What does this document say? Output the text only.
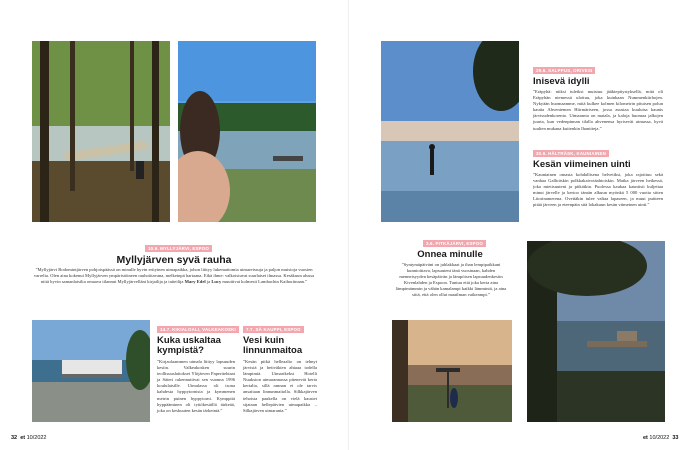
10.6. MYLLYJÄRVI, ESPOO
Myllyjärven syvä rauha
”Myllyjärvi Bodomintjärven pohjoispäässä on minulle hyvin erityinen uimapaikka, johon liittyy lukemattomia uimareissuja ja paljon muistoja vuosien varrelta. Olen aina kokenut Myllyjärven ympäristöineen rauhoittavana, melkeinpä hartaana. Eikä ihme: valkoistuvat suurlaiset ilmassa. Kesäkuun alussa niitä hyvin samanlaisilta omaava tilannut Myllyjärvelläni kirjailija ja taiteilija Mary Edel ja Lucy muuttivat kolmesti Lambachin Kaihoriinaan.”
14.7. KIKIALOALI, VALKEAKOSKI
Kuka uskaltaa kympistä?
”Kirjaolaammen uimala liittyy lapsuuden kesiin. Valkeakosken suurin teollisuuslaitokset Ylöjärven Paperitehtaat ja Säteri rakennuttivat sen vuonna 1996 koululaisille. Uimalassa oli isona kahdesta hyppytornista ja kymmenen metrin puinen hyppytorni. Kymppitä hyppääminen oli tyttökesäillä tärkeää, joka on keskuuten kesän tärkeintä.”
7.7. SÄ KAUPPI, ESPOO
Vesi kuin linnunmaitoa
”Kesän pitkä helleaalto on tehnyt järvistä ja hetiväkien ahtaaa todella lämpimiä. Uimarikeksi Hotelli Nuuksion uimarannassa pitenevät kerta kertalta, sillä rannan ei ole tarvis ansaitaan linnunmaitolla. Silkkajärven tehoista paukella on vielä kausiet sijataan hellepäivien uimapaikka – Silkajärven uimarantа.”
32 et 10/2022
29.6. SALPPUS, ORIVESI
Inisevä idylli
”Eräpyhä: niiksi tuleiksi muistuu jääkiepitystyksellä, mitä oli Eräpyhän niemessä ulottuu, joka kuinkaan Nummenkiirhojen. Nykyään huomaamme, mitä kulkee kolmen kilometrin pituisen polun kautta Ahveniemen Hiirmäriseen, jossa asustaa kuuluisa kaunis järvisudenkorento. Uimaranta on matala, ja kaloja huomaa jalkojen juurta, kun vedenpinnan tilalla ahvenensa hyrisevät uimassa, hyvä tuulien mukana kuitenkin Ihanitteja.”
30.6. HÄLTRÄSK, KAUNIAINEN
Kesän viimeinen uinti
”Kauniainen omasta kohdallisena helvetiksi, joka rajoittuu sekä vanhaa Gallträskin polkkakaivotäahtoiskin. Matka järveen hetkessä, joka mietisuuteni ja pitkätkin. Puolessa kaukaa kauniisti kuljettaa minut järvelle ja kertoo tämän alkuun myönkä 5 000 vuotta sitten Litorinamerena. Ovettäkin tulee valtaa lapaseen, ja muut puitteen pitää järveen ja eteenpäin sitä lokakuun kesän viimeinen uinti.”
3.6. PITKÄJÄRVI, ESPOO
Onnea minulle
”Syntymäpäiväni on juhlakkaat ja ihan lempipaikkani kunnioittava, lapsuuteni tänä vuosinaan, kahden menneisyyden kesäpäivän ja lämpöisen lapsuudenkesiin Kivenlahden ja Espoon. Tuntuu että joka kerta aina lämpimämmin ja vähän kamalampi kaikki lämmintä, ja aina siitä, että olen ollut maailman vaikeampi.”
et 10/2022 33
